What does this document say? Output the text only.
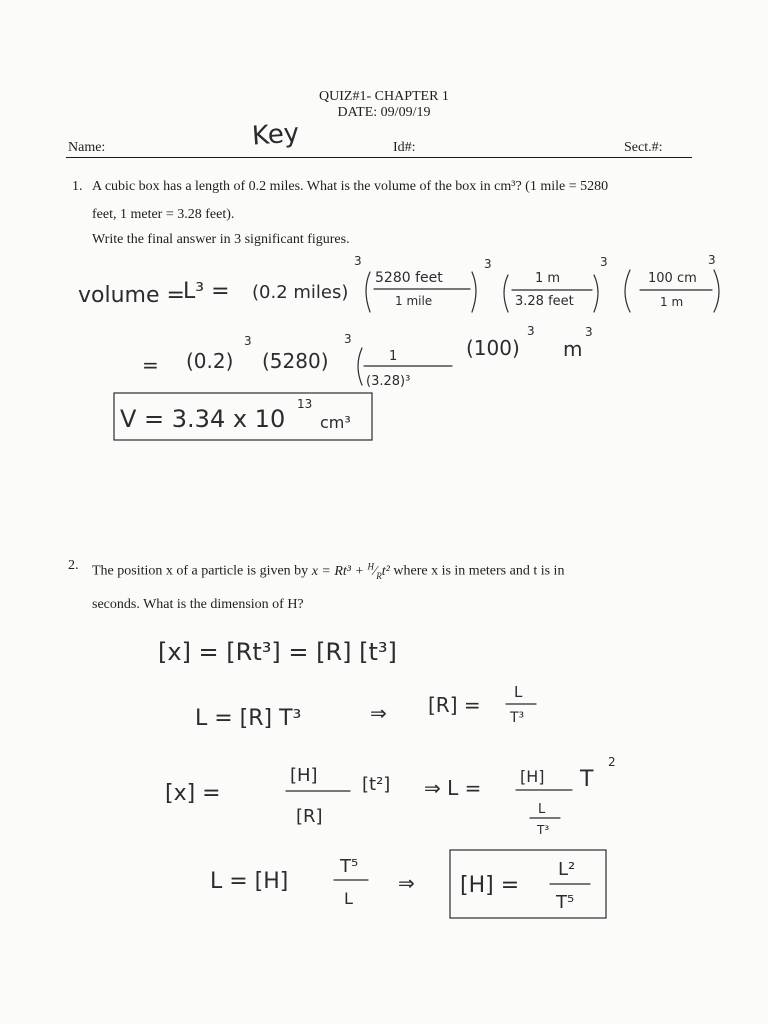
QUIZ#1- CHAPTER 1
DATE: 09/09/19
Name:	Id#:	Sect.#:
Key
1. A cubic box has a length of 0.2 miles. What is the volume of the box in cm³? (1 mile = 5280
feet, 1 meter = 3.28 feet).
Write the final answer in 3 significant figures.
2. The position x of a particle is given by $x = Rt^3 + ^H⁄_Rt^2$ where x is in meters and t is in
seconds. What is the dimension of H?
volume =
L³ = (0.2 miles)
3
5280 feet
1 mile
3
1 m
3.28 feet
3
100 cm
1 m
3
= (0.2)
3
(5280)
3
1
(3.28)³
(100)
3
m
3
V = 3.34 x 10
13
cm³
[x] = [Rt³] = [R] [t³]
L = [R] T³	⇒ [R] =
L
T³
[x] =
[H]
[R]
[t²] ⇒ L = [H]
L
T³
T
2
L = [H]
T⁵
L
⇒ [H] =
L²
T⁵
